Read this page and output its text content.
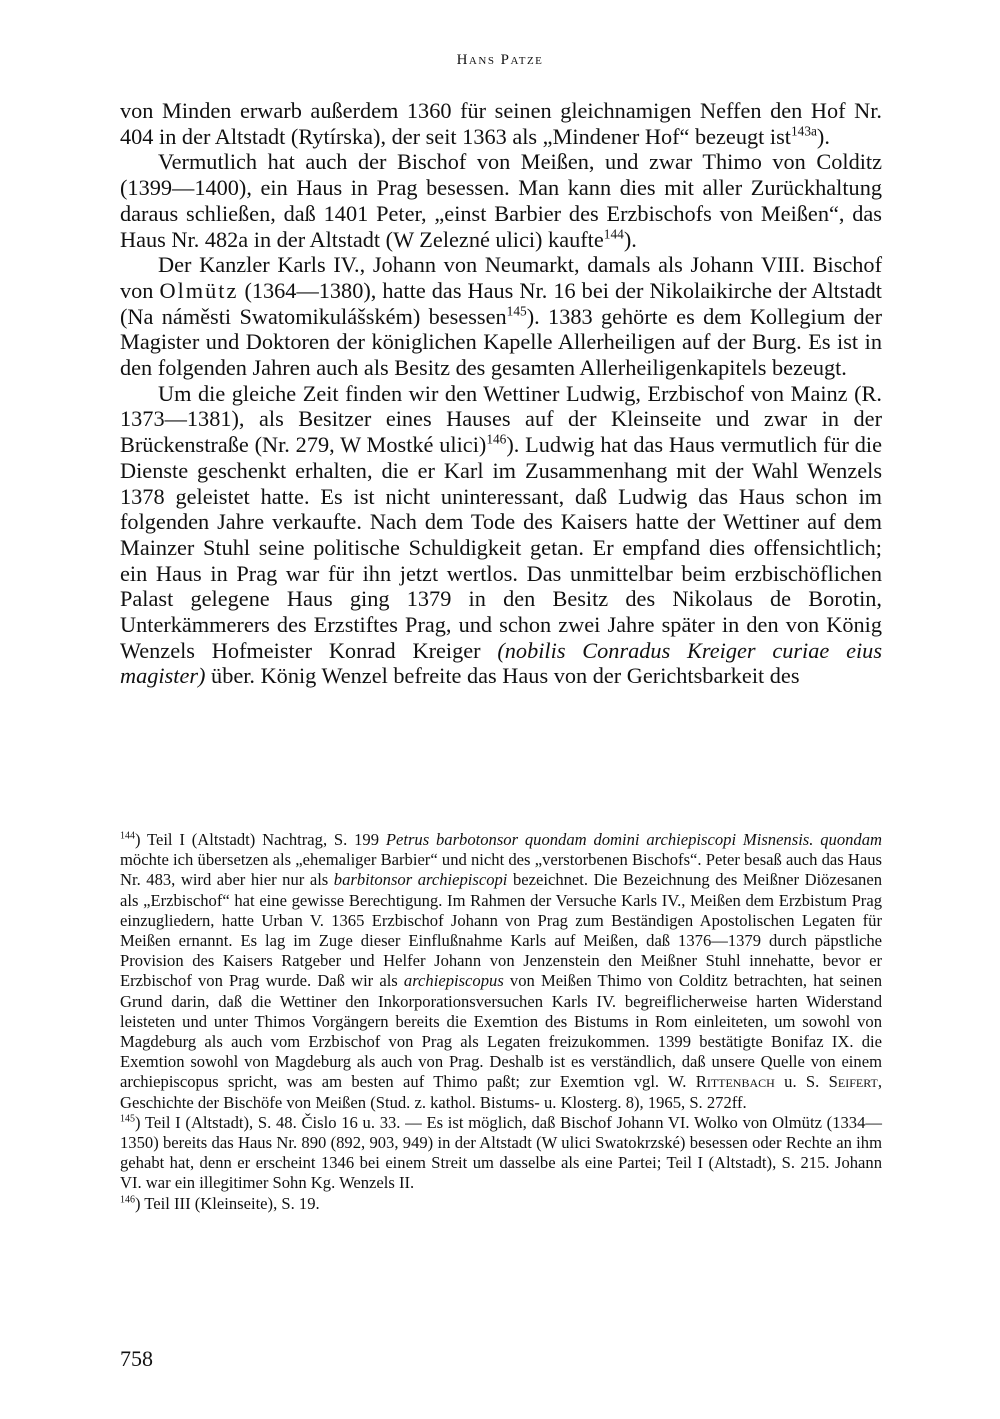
Hans Patze

von Minden erwarb außerdem 1360 für seinen gleichnamigen Neffen den Hof Nr. 404 in der Altstadt (Rytírska), der seit 1363 als „Mindener Hof“ bezeugt ist$^{143a}$).

Vermutlich hat auch der Bischof von Meißen, und zwar Thimo von Colditz (1399—1400), ein Haus in Prag besessen. Man kann dies mit aller Zurückhaltung daraus schließen, daß 1401 Peter, „einst Barbier des Erzbischofs von Meißen“, das Haus Nr. 482a in der Altstadt (W Zelezné ulici) kaufte$^{144}$).

Der Kanzler Karls IV., Johann von Neumarkt, damals als Johann VIII. Bischof von Olmütz (1364—1380), hatte das Haus Nr. 16 bei der Nikolaikirche der Altstadt (Na náměsti Swatomikulášském) besessen$^{145}$). 1383 gehörte es dem Kollegium der Magister und Doktoren der königlichen Kapelle Allerheiligen auf der Burg. Es ist in den folgenden Jahren auch als Besitz des gesamten Allerheiligenkapitels bezeugt.

Um die gleiche Zeit finden wir den Wettiner Ludwig, Erzbischof von Mainz (R. 1373—1381), als Besitzer eines Hauses auf der Kleinseite und zwar in der Brückenstraße (Nr. 279, W Mostké ulici)$^{146}$). Ludwig hat das Haus vermutlich für die Dienste geschenkt erhalten, die er Karl im Zusammenhang mit der Wahl Wenzels 1378 geleistet hatte. Es ist nicht uninteressant, daß Ludwig das Haus schon im folgenden Jahre verkaufte. Nach dem Tode des Kaisers hatte der Wettiner auf dem Mainzer Stuhl seine politische Schuldigkeit getan. Er empfand dies offensichtlich; ein Haus in Prag war für ihn jetzt wertlos. Das unmittelbar beim erzbischöflichen Palast gelegene Haus ging 1379 in den Besitz des Nikolaus de Borotin, Unterkämmerers des Erzstiftes Prag, und schon zwei Jahre später in den von König Wenzels Hofmeister Konrad Kreiger (nobilis Conradus Kreiger curiae eius magister) über. König Wenzel befreite das Haus von der Gerichtsbarkeit des

$^{144}$) Teil I (Altstadt) Nachtrag, S. 199 Petrus barbotonsor quondam domini archiepiscopi Misnensis. quondam möchte ich übersetzen als „ehemaliger Barbier“ und nicht des „verstorbenen Bischofs“. Peter besaß auch das Haus Nr. 483, wird aber hier nur als barbitonsor archiepiscopi bezeichnet. Die Bezeichnung des Meißner Diözesanen als „Erzbischof“ hat eine gewisse Berechtigung. Im Rahmen der Versuche Karls IV., Meißen dem Erzbistum Prag einzugliedern, hatte Urban V. 1365 Erzbischof Johann von Prag zum Beständigen Apostolischen Legaten für Meißen ernannt. Es lag im Zuge dieser Einflußnahme Karls auf Meißen, daß 1376—1379 durch päpstliche Provision des Kaisers Ratgeber und Helfer Johann von Jenzenstein den Meißner Stuhl innehatte, bevor er Erzbischof von Prag wurde. Daß wir als archiepiscopus von Meißen Thimo von Colditz betrachten, hat seinen Grund darin, daß die Wettiner den Inkorporationsversuchen Karls IV. begreiflicherweise harten Widerstand leisteten und unter Thimos Vorgängern bereits die Exemtion des Bistums in Rom einleiteten, um sowohl von Magdeburg als auch vom Erzbischof von Prag als Legaten freizukommen. 1399 bestätigte Bonifaz IX. die Exemtion sowohl von Magdeburg als auch von Prag. Deshalb ist es verständlich, daß unsere Quelle von einem archiepiscopus spricht, was am besten auf Thimo paßt; zur Exemtion vgl. W. Rittenbach u. S. Seifert, Geschichte der Bischöfe von Meißen (Stud. z. kathol. Bistums- u. Klosterg. 8), 1965, S. 272ff.

$^{145}$) Teil I (Altstadt), S. 48. Čislo 16 u. 33. — Es ist möglich, daß Bischof Johann VI. Wolko von Olmütz (1334—1350) bereits das Haus Nr. 890 (892, 903, 949) in der Altstadt (W ulici Swatokrzské) besessen oder Rechte an ihm gehabt hat, denn er erscheint 1346 bei einem Streit um dasselbe als eine Partei; Teil I (Altstadt), S. 215. Johann VI. war ein illegitimer Sohn Kg. Wenzels II.

$^{146}$) Teil III (Kleinseite), S. 19.

758
